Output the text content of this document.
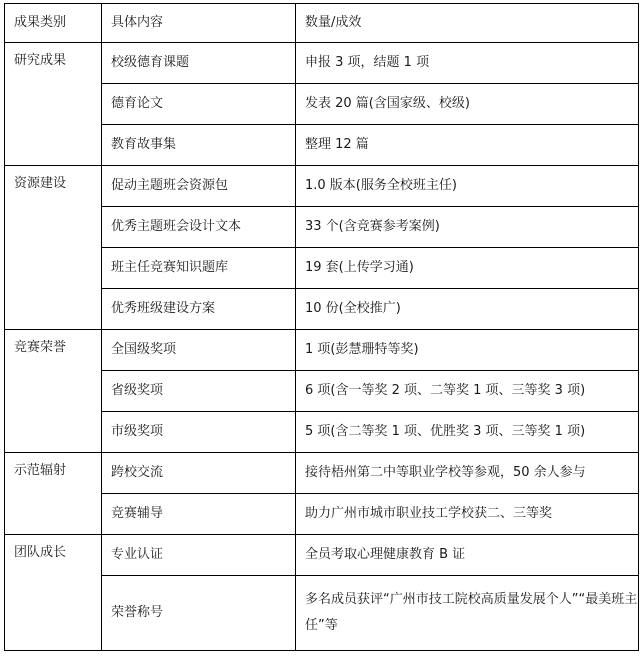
成果类别	具体内容	数量/成效
研究成果	校级德育课题	申报 3 项，结题 1 项
	德育论文	发表 20 篇(含国家级、校级)
	教育故事集	整理 12 篇
资源建设	促动主题班会资源包	1.0 版本(服务全校班主任)
	优秀主题班会设计文本	33 个(含竞赛参考案例)
	班主任竞赛知识题库	19 套(上传学习通)
	优秀班级建设方案	10 份(全校推广)
竞赛荣誉	全国级奖项	1 项(彭慧珊特等奖)
	省级奖项	6 项(含一等奖 2 项、二等奖 1 项、三等奖 3 项)
	市级奖项	5 项(含二等奖 1 项、优胜奖 3 项、三等奖 1 项)
示范辐射	跨校交流	接待梧州第二中等职业学校等参观，50 余人参与
	竞赛辅导	助力广州市城市职业技工学校获二、三等奖
团队成长	专业认证	全员考取心理健康教育 B 证
	荣誉称号	多名成员获评“广州市技工院校高质量发展个人”“最美班主任”等
